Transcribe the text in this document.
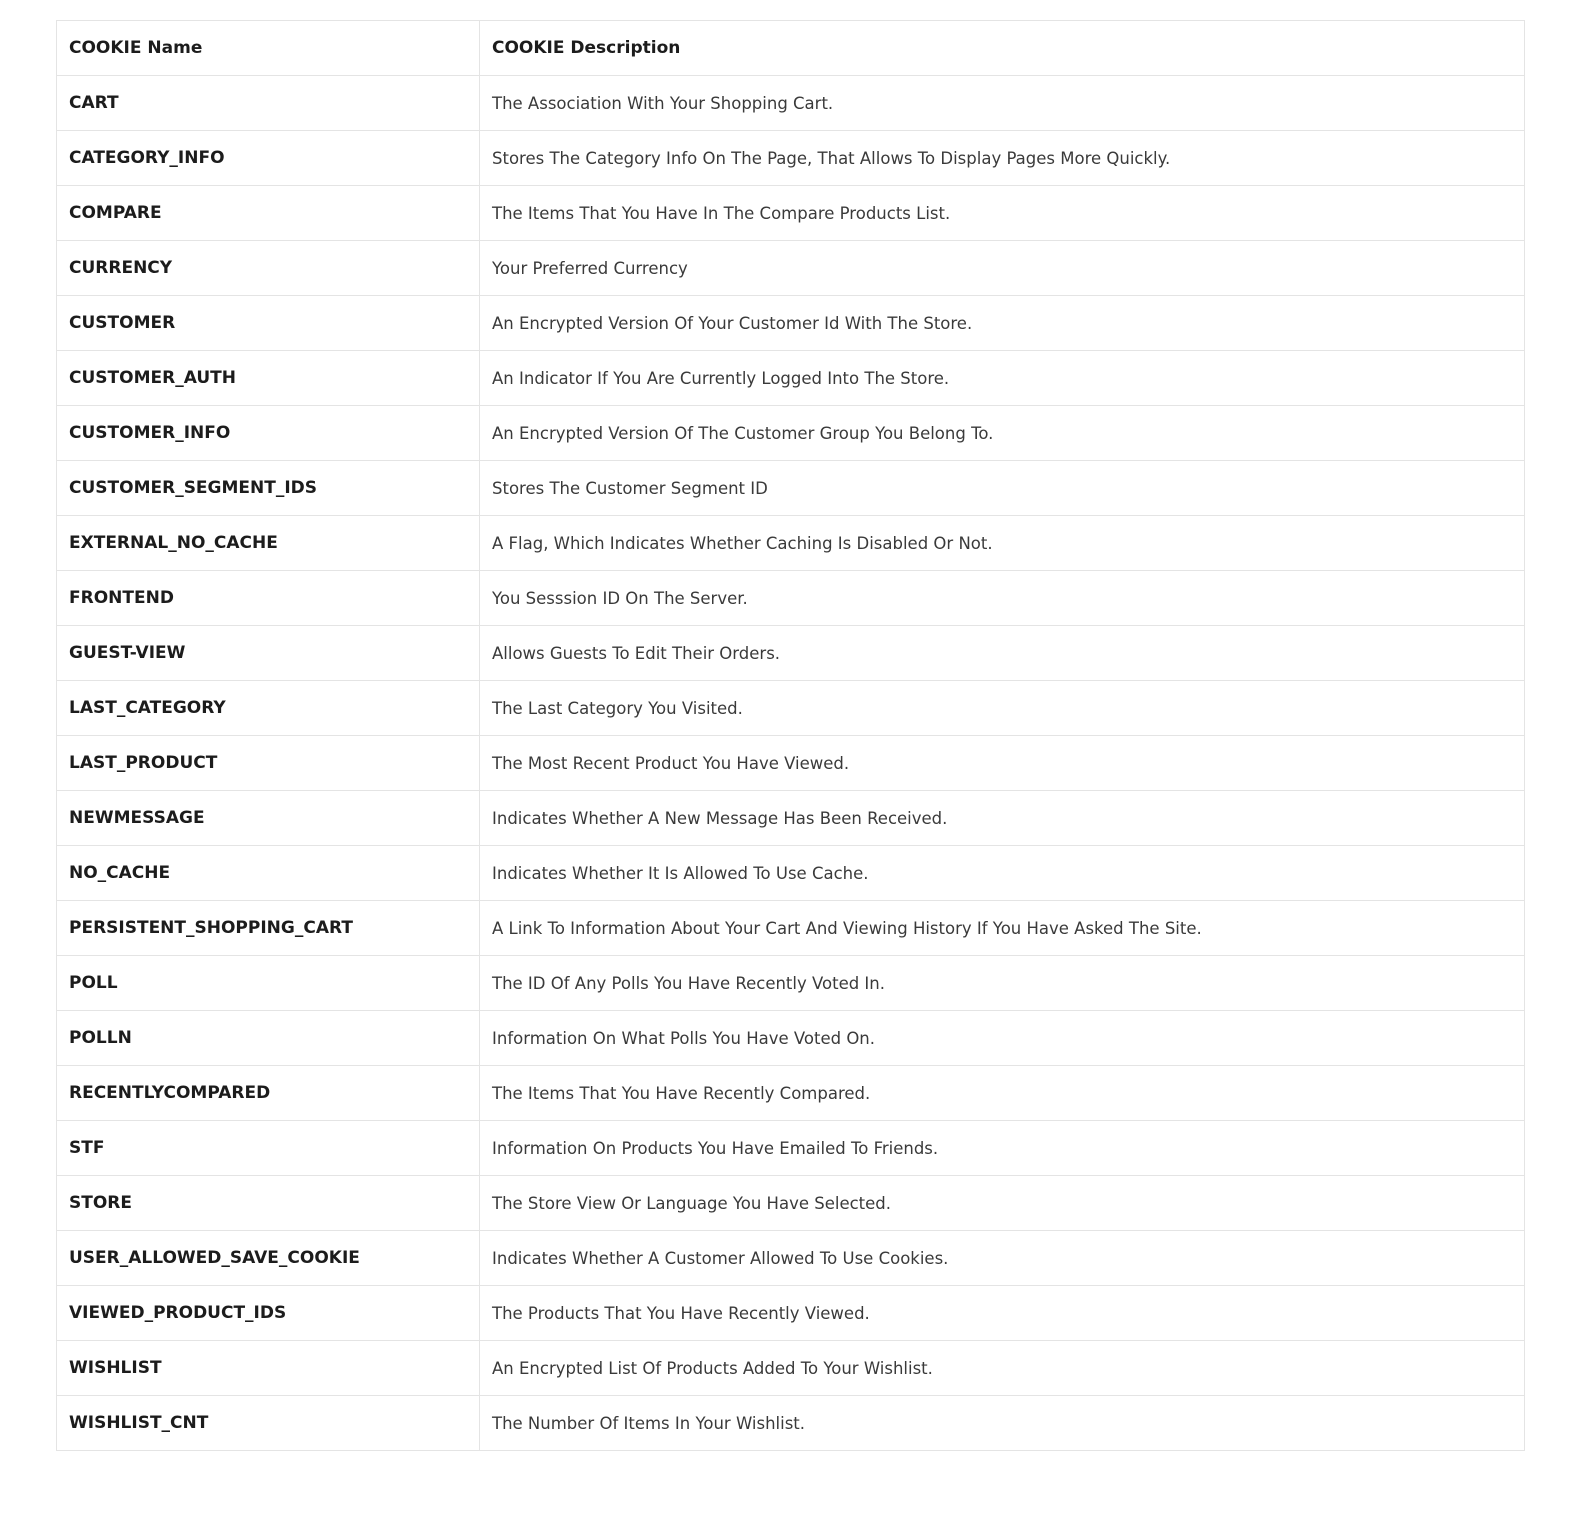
COOKIE Name	COOKIE Description
CART	The Association With Your Shopping Cart.
CATEGORY_INFO	Stores The Category Info On The Page, That Allows To Display Pages More Quickly.
COMPARE	The Items That You Have In The Compare Products List.
CURRENCY	Your Preferred Currency
CUSTOMER	An Encrypted Version Of Your Customer Id With The Store.
CUSTOMER_AUTH	An Indicator If You Are Currently Logged Into The Store.
CUSTOMER_INFO	An Encrypted Version Of The Customer Group You Belong To.
CUSTOMER_SEGMENT_IDS	Stores The Customer Segment ID
EXTERNAL_NO_CACHE	A Flag, Which Indicates Whether Caching Is Disabled Or Not.
FRONTEND	You Sesssion ID On The Server.
GUEST-VIEW	Allows Guests To Edit Their Orders.
LAST_CATEGORY	The Last Category You Visited.
LAST_PRODUCT	The Most Recent Product You Have Viewed.
NEWMESSAGE	Indicates Whether A New Message Has Been Received.
NO_CACHE	Indicates Whether It Is Allowed To Use Cache.
PERSISTENT_SHOPPING_CART	A Link To Information About Your Cart And Viewing History If You Have Asked The Site.
POLL	The ID Of Any Polls You Have Recently Voted In.
POLLN	Information On What Polls You Have Voted On.
RECENTLYCOMPARED	The Items That You Have Recently Compared.
STF	Information On Products You Have Emailed To Friends.
STORE	The Store View Or Language You Have Selected.
USER_ALLOWED_SAVE_COOKIE	Indicates Whether A Customer Allowed To Use Cookies.
VIEWED_PRODUCT_IDS	The Products That You Have Recently Viewed.
WISHLIST	An Encrypted List Of Products Added To Your Wishlist.
WISHLIST_CNT	The Number Of Items In Your Wishlist.
